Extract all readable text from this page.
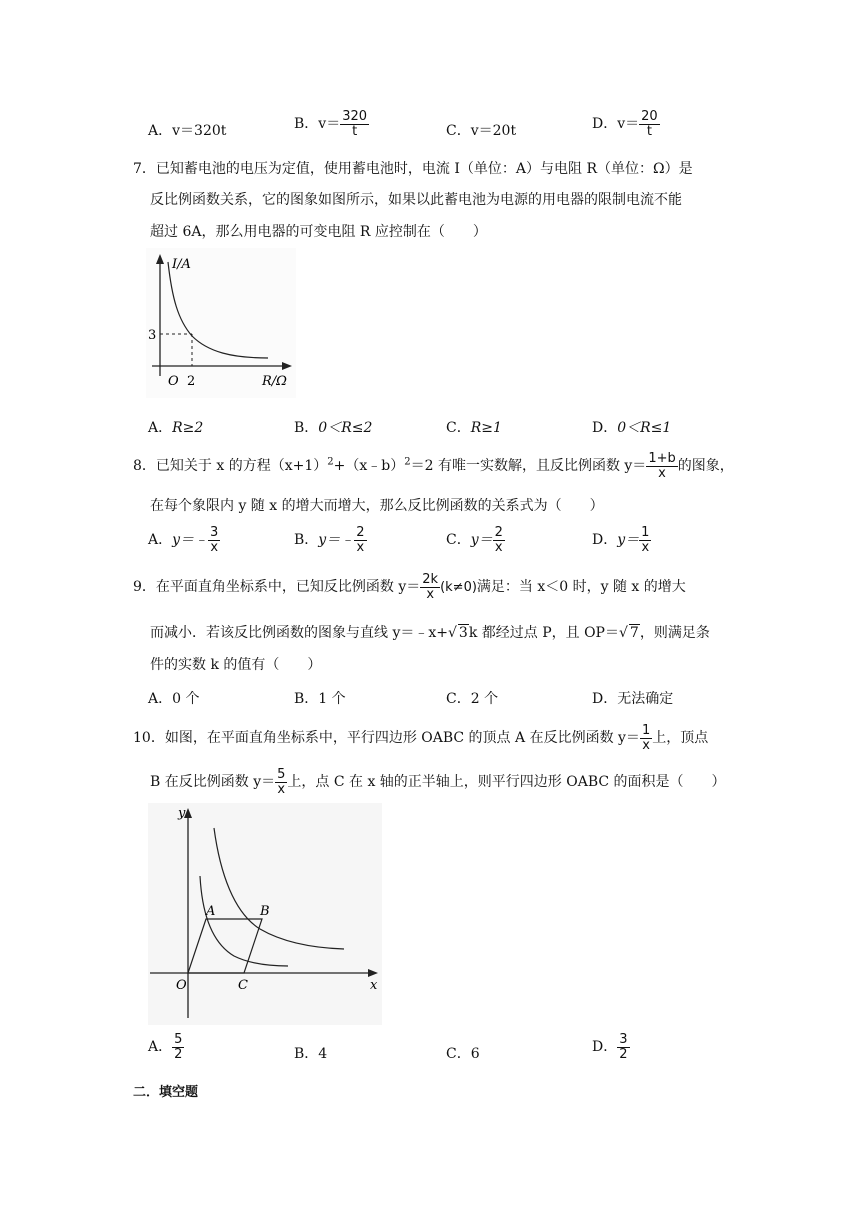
A．v＝320t	B．$v= \frac{320}{t}$	C．v＝20t	D．$v= \frac{20}{t}$
7．已知蓄电池的电压为定值，使用蓄电池时，电流 I（单位：A）与电阻 R（单位：Ω）是
反比例函数关系，它的图象如图所示，如果以此蓄电池为电源的用电器的限制电流不能
超过 6A，那么用电器的可变电阻 R 应控制在（　　）
I/A
R/Ω
O 2
3
A．R≥2	B．0＜R≤2	C．R≥1	D．0＜R≤1
8．已知关于 x 的方程$(x+1)^2+(x﹣b)^2=2$ 有唯一实数解，且反比例函数 $y= \frac{1+b}{x}$ 的图象，
在每个象限内 y 随 x 的增大而增大，那么反比例函数的关系式为（　　）
A．y＝﹣ $\frac{3}{x}$	B．y＝﹣ $\frac{2}{x}$	C．$y= \frac{2}{x}$	D．$y= \frac{1}{x}$
9．在平面直角坐标系中，已知反比例函数 $y= \frac{2k}{x} (k\ne 0)$满足：当 x＜0 时，y 随 x 的增大
而减小．若该反比例函数的图象与直线 y＝﹣x+√ 3k 都经过点 P，且 OP＝√ 7，则满足条
件的实数 k 的值有（　　）
A．0 个	B．1 个	C．2 个	D．无法确定
10．如图，在平面直角坐标系中，平行四边形 OABC 的顶点 A 在反比例函数 $y= \frac{1}{x}$ 上，顶点
B 在反比例函数 $y= \frac{5}{x}$ 上，点 C 在 x 轴的正半轴上，则平行四边形 OABC 的面积是（　　）
y
x
O
A	B
C
A． $\frac{5}{2}$	B．4	C．6	D． $\frac{3}{2}$
二．填空题
